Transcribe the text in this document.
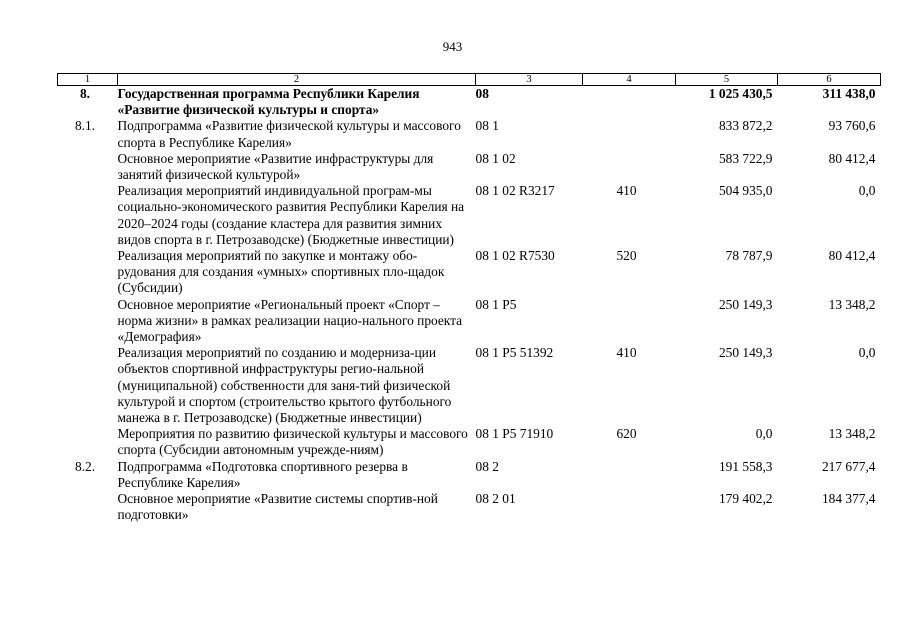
943
1	2	3	4	5	6
8.	Государственная программа Республики Карелия «Развитие физической культуры и спорта»	08		1 025 430,5	311 438,0
8.1.	Подпрограмма «Развитие физической культуры и массового спорта в Республике Карелия»	08 1		833 872,2	93 760,6
	Основное мероприятие «Развитие инфраструктуры для занятий физической культурой»	08 1 02		583 722,9	80 412,4
	Реализация мероприятий индивидуальной програм-мы социально-экономического развития Республики Карелия на 2020–2024 годы (создание кластера для развития зимних видов спорта в г. Петрозаводске) (Бюджетные инвестиции)	08 1 02 R3217	410	504 935,0	0,0
	Реализация мероприятий по закупке и монтажу обо-рудования для создания «умных» спортивных пло-щадок (Субсидии)	08 1 02 R7530	520	78 787,9	80 412,4
	Основное мероприятие «Региональный проект «Спорт – норма жизни» в рамках реализации нацио-нального проекта «Демография»	08 1 P5		250 149,3	13 348,2
	Реализация мероприятий по созданию и модерниза-ции объектов спортивной инфраструктуры регио-нальной (муниципальной) собственности для заня-тий физической культурой и спортом (строительство крытого футбольного манежа в г. Петрозаводске) (Бюджетные инвестиции)	08 1 P5 51392	410	250 149,3	0,0
	Мероприятия по развитию физической культуры и массового спорта (Субсидии автономным учрежде-ниям)	08 1 P5 71910	620	0,0	13 348,2
8.2.	Подпрограмма «Подготовка спортивного резерва в Республике Карелия»	08 2		191 558,3	217 677,4
	Основное мероприятие «Развитие системы спортив-ной подготовки»	08 2 01		179 402,2	184 377,4
